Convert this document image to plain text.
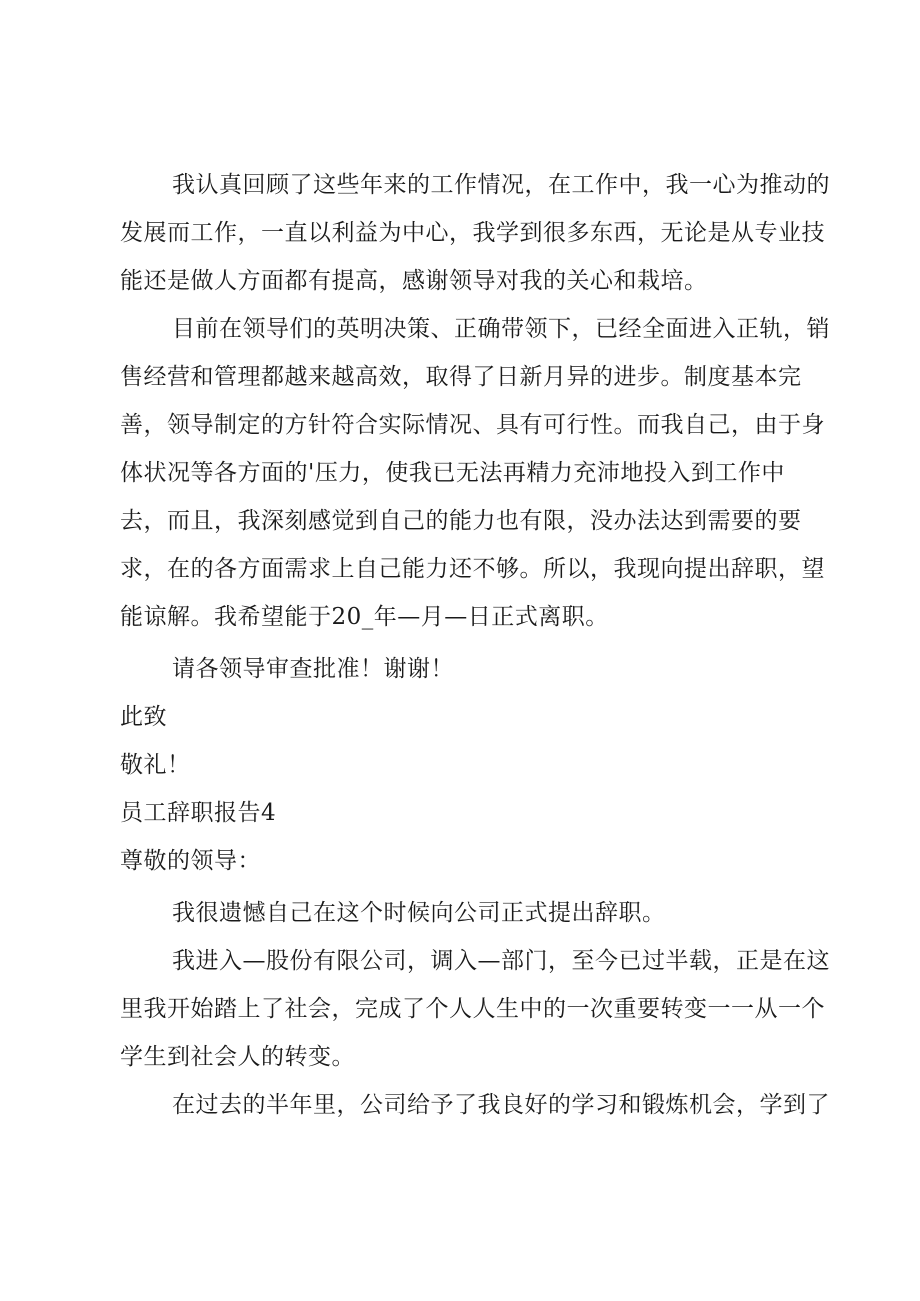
我认真回顾了这些年来的工作情况，在工作中，我一心为推动的
发展而工作，一直以利益为中心，我学到很多东西，无论是从专业技
能还是做人方面都有提高，感谢领导对我的关心和栽培。
目前在领导们的英明决策、正确带领下，已经全面进入正轨，销
售经营和管理都越来越高效，取得了日新月异的进步。制度基本完
善，领导制定的方针符合实际情况、具有可行性。而我自己，由于身
体状况等各方面的'压力，使我已无法再精力充沛地投入到工作中
去，而且，我深刻感觉到自己的能力也有限，没办法达到需要的要
求，在的各方面需求上自己能力还不够。所以，我现向提出辞职，望
能谅解。我希望能于20_年—月—日正式离职。
请各领导审查批准！谢谢！
此致
敬礼！
员工辞职报告4
尊敬的领导：
我很遗憾自己在这个时候向公司正式提出辞职。
我进入—股份有限公司，调入—部门，至今已过半载，正是在这
里我开始踏上了社会，完成了个人人生中的一次重要转变一一从一个
学生到社会人的转变。
在过去的半年里，公司给予了我良好的学习和锻炼机会，学到了
